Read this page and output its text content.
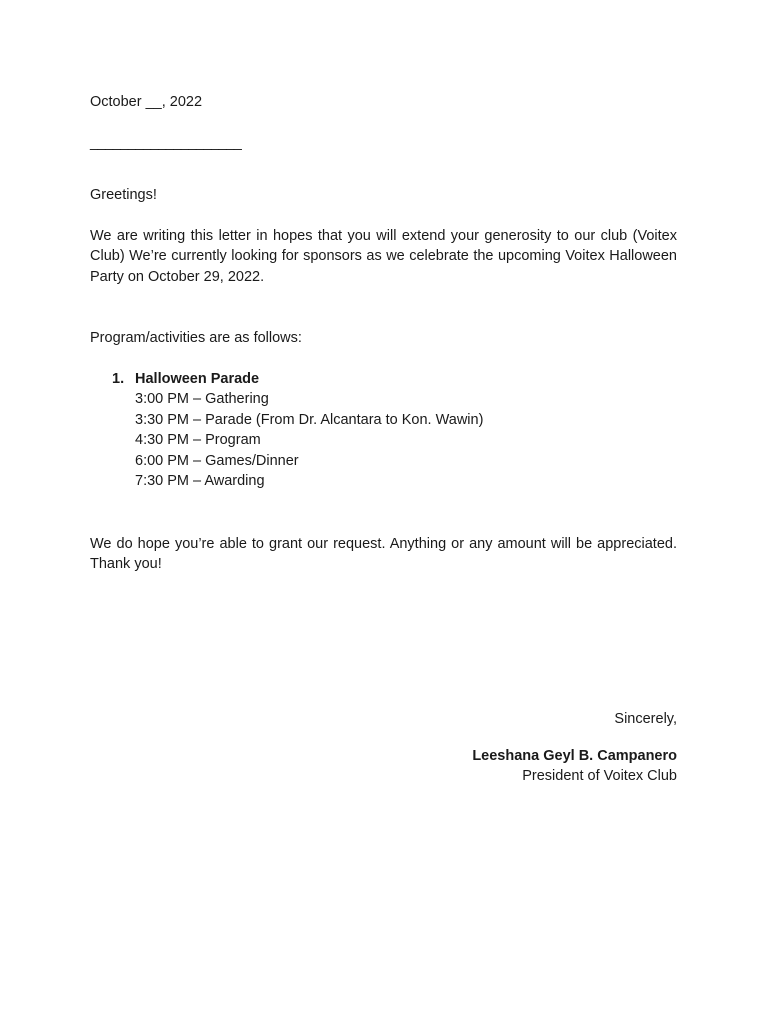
October __, 2022

____________________

Greetings!

We are writing this letter in hopes that you will extend your generosity to our club (Voitex Club) We’re currently looking for sponsors as we celebrate the upcoming Voitex Halloween Party on October 29, 2022.

Program/activities are as follows:

1. Halloween Parade
3:00 PM – Gathering
3:30 PM – Parade (From Dr. Alcantara to Kon. Wawin)
4:30 PM – Program
6:00 PM – Games/Dinner
7:30 PM – Awarding

We do hope you’re able to grant our request. Anything or any amount will be appreciated. Thank you!

Sincerely,

Leeshana Geyl B. Campanero

President of Voitex Club
